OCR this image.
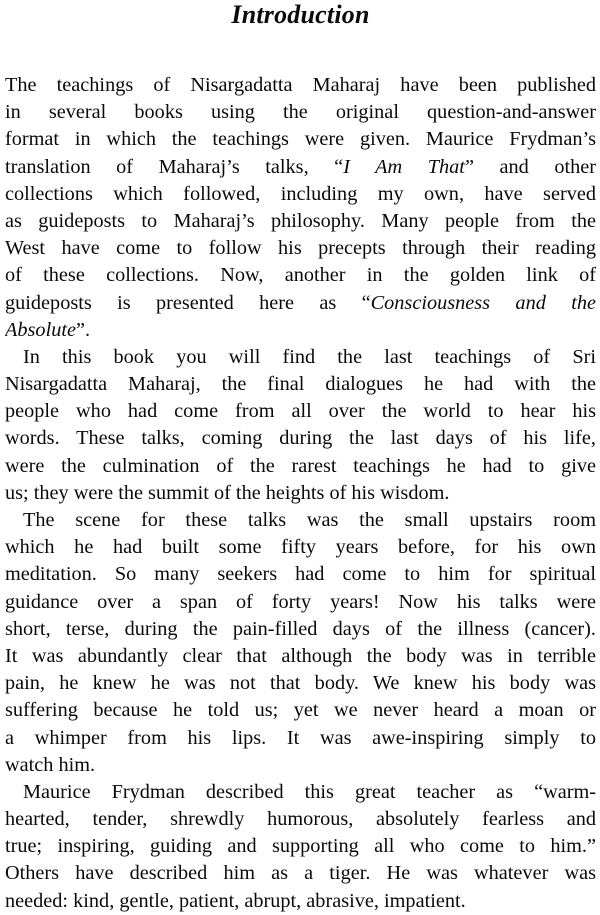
Introduction
The teachings of Nisargadatta Maharaj have been published
in several books using the original question-and-answer
format in which the teachings were given. Maurice Frydman’s
translation of Maharaj’s talks, “I Am That” and other
collections which followed, including my own, have served
as guideposts to Maharaj’s philosophy. Many people from the
West have come to follow his precepts through their reading
of these collections. Now, another in the golden link of
guideposts is presented here as “Consciousness and the
Absolute”.
In this book you will find the last teachings of Sri
Nisargadatta Maharaj, the final dialogues he had with the
people who had come from all over the world to hear his
words. These talks, coming during the last days of his life,
were the culmination of the rarest teachings he had to give
us; they were the summit of the heights of his wisdom.
The scene for these talks was the small upstairs room
which he had built some fifty years before, for his own
meditation. So many seekers had come to him for spiritual
guidance over a span of forty years! Now his talks were
short, terse, during the pain-filled days of the illness (cancer).
It was abundantly clear that although the body was in terrible
pain, he knew he was not that body. We knew his body was
suffering because he told us; yet we never heard a moan or
a whimper from his lips. It was awe-inspiring simply to
watch him.
Maurice Frydman described this great teacher as “warm-
hearted, tender, shrewdly humorous, absolutely fearless and
true; inspiring, guiding and supporting all who come to him.”
Others have described him as a tiger. He was whatever was
needed: kind, gentle, patient, abrupt, abrasive, impatient.
